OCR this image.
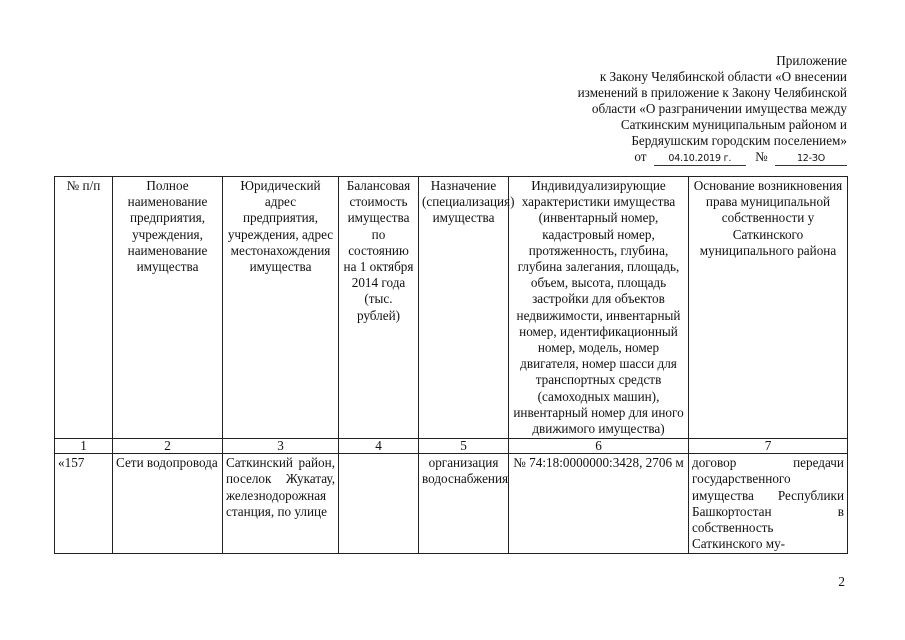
Приложение
к Закону Челябинской области «О внесении
изменений в приложение к Закону Челябинской
области «О разграничении имущества между
Саткинским муниципальным районом и
Бердяушским городским поселением»
от 04.10.2019 г. №	12-ЗО
№ п/п	Полное наименование предприятия, учреждения, наименование имущества	Юридический адрес предприятия, учреждения, адрес местонахождения имущества	Балансовая стоимость имущества по состоянию на 1 октября 2014 года (тыс. рублей)	Назначение (специализация) имущества	Индивидуализирующие характеристики имущества (инвентарный номер, кадастровый номер, протяженность, глубина, глубина залегания, площадь, объем, высота, площадь застройки для объектов недвижимости, инвентарный номер, идентификационный номер, модель, номер двигателя, номер шасси для транспортных средств (самоходных машин), инвентарный номер для иного движимого имущества)	Основание возникновения права муниципальной собственности у Саткинского муниципального района
1	2	3	4	5	6	7
«157	Сети водопровода	Саткинский район, поселок Жукатау, железнодорожная станция, по улице		организация водоснабжения	№ 74:18:0000000:3428, 2706 м	договор передачи государственного имущества Республики Башкортостан в собственность Саткинского му-
2
